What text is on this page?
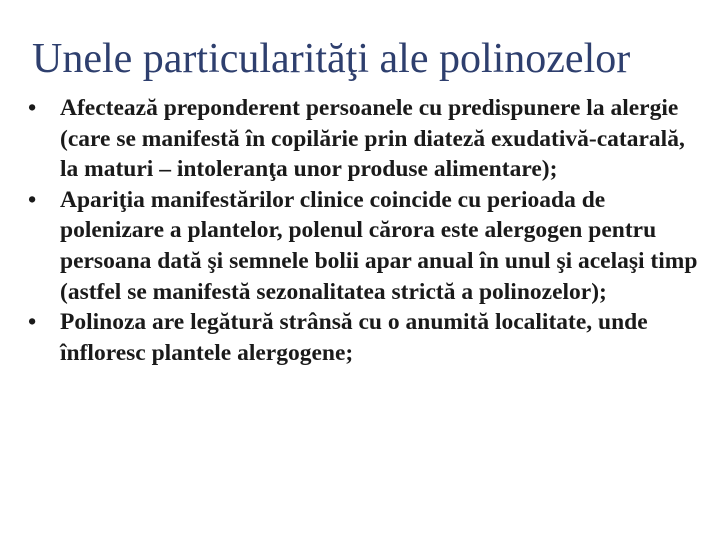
Unele particularităţi ale polinozelor
•	Afectează preponderent persoanele cu predispunere la alergie (care se manifestă în copilărie prin diateză exudativă-catarală, la maturi – intoleranţa unor produse alimentare);
•	Apariţia manifestărilor clinice coincide cu perioada de polenizare a plantelor, polenul cărora este alergogen pentru persoana dată şi semnele bolii apar anual în unul şi acelaşi timp (astfel se manifestă sezonalitatea strictă a polinozelor);
•	Polinoza are legătură strânsă cu o anumită localitate, unde înfloresc plantele alergogene;
